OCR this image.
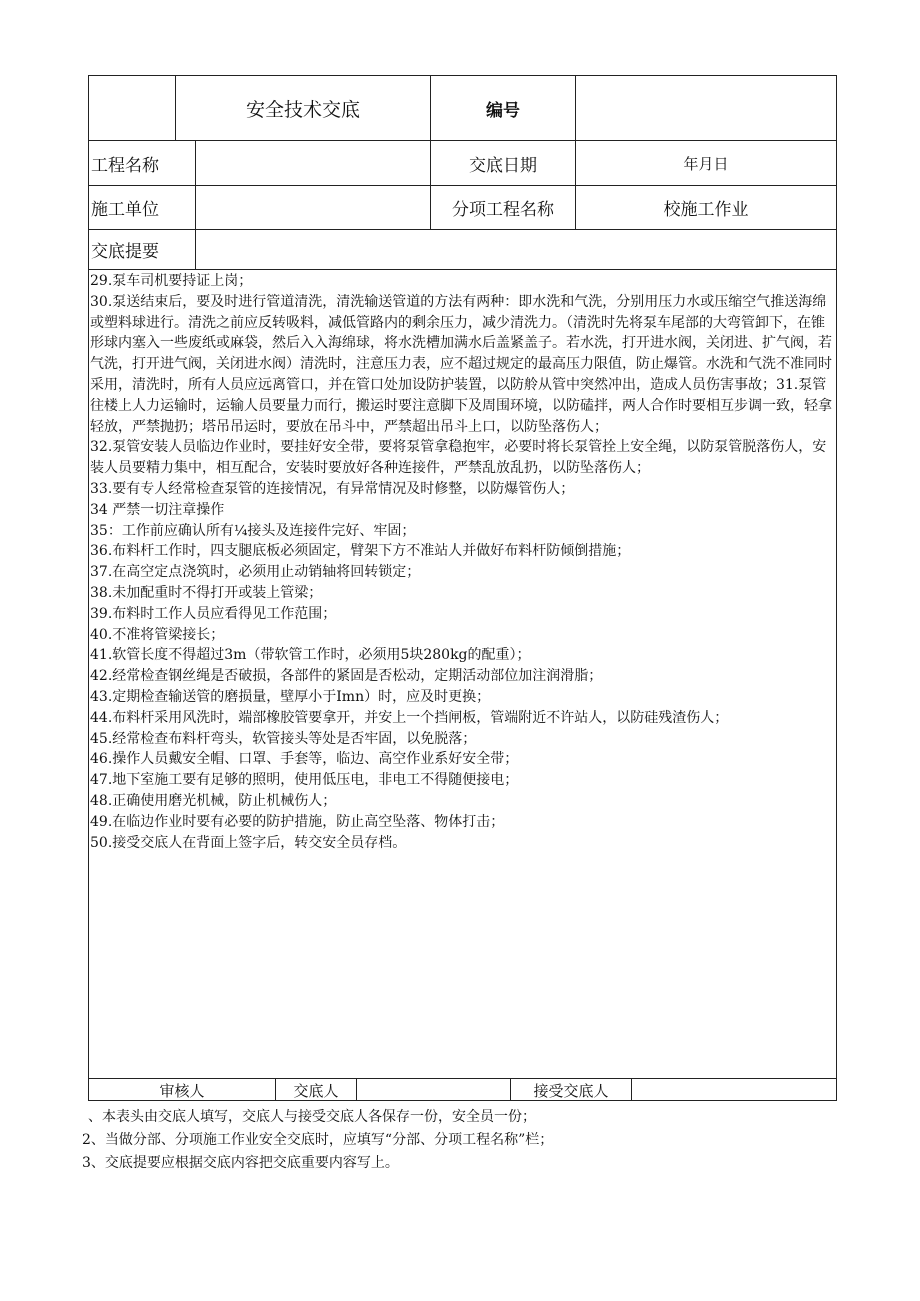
安全技术交底	编号
工程名称	交底日期	年月日
施工单位	分项工程名称	校施工作业
交底提要

29.泵车司机要持证上岗；

30.泵送结束后，要及时进行管道清洗，清洗输送管道的方法有两种：即水洗和气洗，分别用压力水或压缩空气推送海绵或塑料球进行。清洗之前应反转吸料，减低管路内的剩余压力，减少清洗力。（清洗时先将泵车尾部的大弯管卸下，在锥形球内塞入一些废纸或麻袋，然后入入海绵球，将水洗槽加满水后盖紧盖子。若水洗，打开进水阀，关闭进、扩气阀，若气洗，打开进气阀，关闭进水阀）清洗时，注意压力表，应不超过规定的最高压力限值，防止爆管。水洗和气洗不准同时采用，清洗时，所有人员应远离管口，并在管口处加设防护装置，以防舲从管中突然冲出，造成人员伤害事故；31.泵管往楼上人力运输时，运输人员要量力而行，搬运时要注意脚下及周围环境，以防磕拌，两人合作时要相互步调一致，轻拿轻放，严禁抛扔；塔吊吊运时，要放在吊斗中，严禁超出吊斗上口，以防坠落伤人；

32.泵管安装人员临边作业时，要挂好安全带，要将泵管拿稳抱牢，必要时将长泵管拴上安全绳，以防泵管脱落伤人，安装人员要精力集中，相互配合，安装时要放好各种连接件，严禁乱放乱扔，以防坠落伤人；

33.要有专人经常检查泵管的连接情况，有异常情况及时修整，以防爆管伤人；

34 严禁一切注章操作

35：工作前应确认所有¼接头及连接件完好、牢固；

36.布料杆工作时，四支腿底板必须固定，臂架下方不准站人并做好布料杆防倾倒措施；

37.在高空定点浇筑时，必须用止动销轴将回转锁定；

38.未加配重时不得打开或装上管梁；

39.布料时工作人员应看得见工作范围；

40.不准将管梁接长；

41.软管长度不得超过3m（带软管工作时，必须用5块280kg的配重）；

42.经常检查钢丝绳是否破损，各部件的紧固是否松动，定期活动部位加注润滑脂；

43.定期检查输送管的磨损量，壁厚小于Imn）时，应及时更换；

44.布料杆采用风洗时，端部橡胶管要拿开，并安上一个挡闸板，管端附近不许站人，以防硅残渣伤人；

45.经常检查布料杆弯头，软管接头等处是否牢固，以免脱落；

46.操作人员戴安全帽、口罩、手套等，临边、高空作业系好安全带；

47.地下室施工要有足够的照明，使用低压电，非电工不得随便接电；

48.正确使用磨光机械，防止机械伤人；

49.在临边作业时要有必要的防护措施，防止高空坠落、物体打击；

50.接受交底人在背面上签字后，转交安全员存档。

审核人	交底人	接受交底人
、本表头由交底人填写，交底人与接受交底人各保存一份，安全员一份；
2、当做分部、分项施工作业安全交底时，应填写“分部、分项工程名称”栏；
3、交底提要应根据交底内容把交底重要内容写上。
